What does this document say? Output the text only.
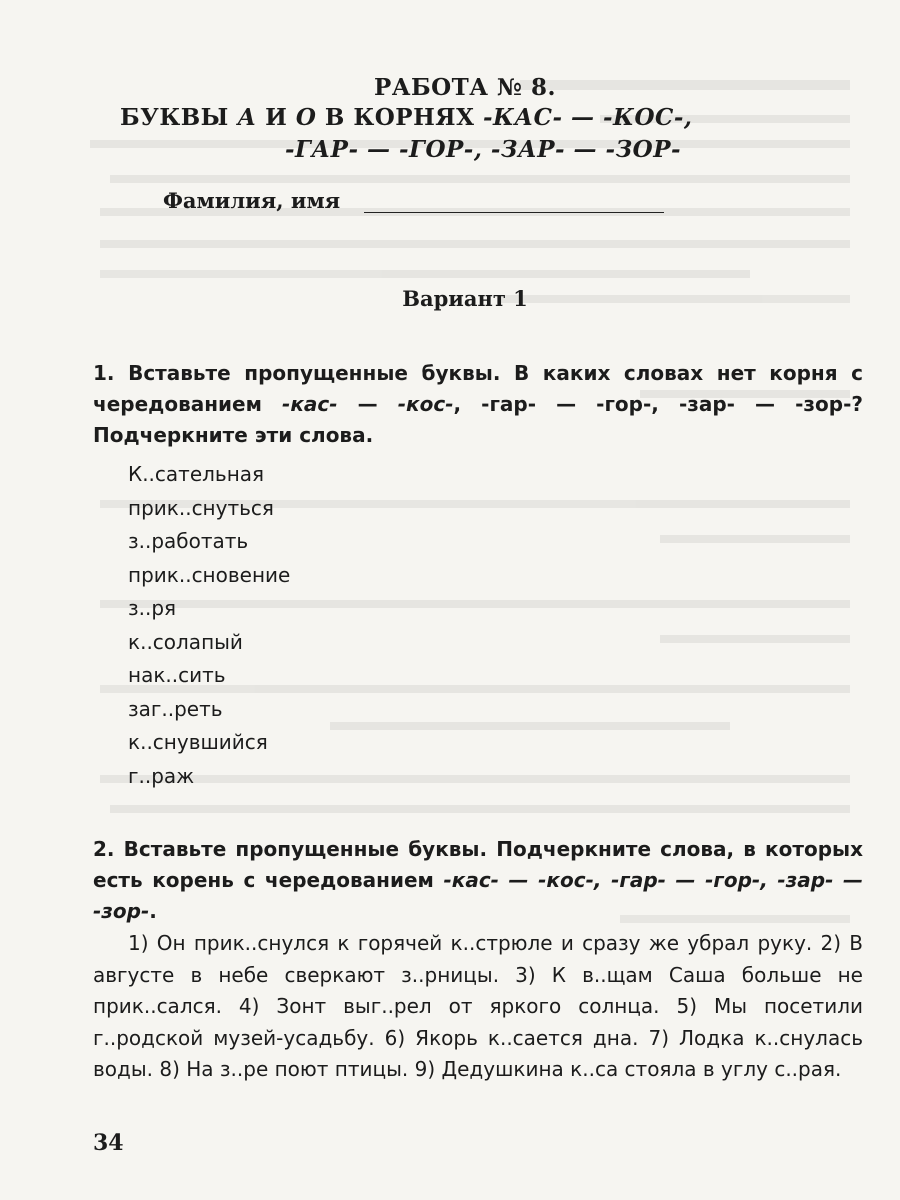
РАБОТА № 8.
БУКВЫ А И О В КОРНЯХ -КАС- — -КОС-,
-ГАР- — -ГОР-, -ЗАР- — -ЗОР-
Фамилия, имя
Вариант 1
1. Вставьте пропущенные буквы. В каких словах нет корня с чередованием -кас- — -кос-, -гар- — -гор-, -зар- — -зор-? Подчеркните эти слова.
К..сательная
прик..снуться
з..работать
прик..сновение
з..ря
к..солапый
нак..сить
заг..реть
к..снувшийся
г..раж
2. Вставьте пропущенные буквы. Подчеркните слова, в которых есть корень с чередованием -кас- — -кос-, -гар- — -гор-, -зар- — -зор-.
1) Он прик..снулся к горячей к..стрюле и сразу же убрал руку. 2) В августе в небе сверкают з..рницы. 3) К в..щам Саша больше не прик..сался. 4) Зонт выг..рел от яркого солнца. 5) Мы посетили г..родской музей-усадьбу. 6) Якорь к..сается дна. 7) Лодка к..снулась воды. 8) На з..ре поют птицы. 9) Дедушкина к..са стояла в углу с..рая.
34
